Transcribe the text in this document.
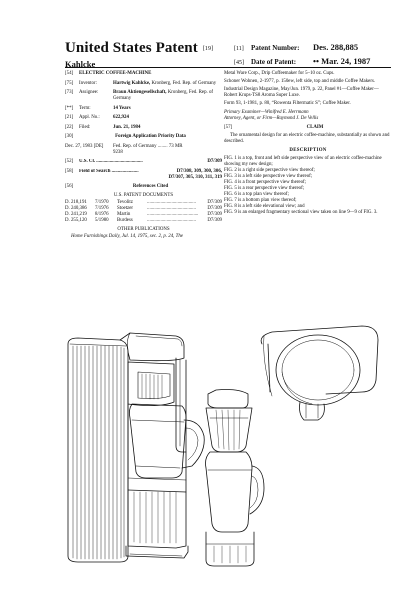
United States Patent [19]
Kahlcke
[11]	Patent Number:	Des. 288,885
[45]	Date of Patent:	•• Mar. 24, 1987
[54]	ELECTRIC COFFEE-MACHINE
[75]	Inventor:	Hartwig Kahlcke, Kronberg, Fed. Rep. of Germany
[73]	Assignee:	Braun Aktiengesellschaft, Kronberg, Fed. Rep. of Germany
[**]	Term:	14 Years
[21]	Appl. No.:	622,924
[22]	Filed:	Jun. 21, 1984
[30]	Foreign Application Priority Data
Dec. 27, 1983 [DE]	Fed. Rep. of Germany ........ 73 MR
9238
[52]	U.S. Cl. ......................................	D7/309
[58]	Field of Search ......................	D7/308, 309, 300, 306,
D7/307, 305, 310, 311, 319
[56]	References Cited
U.S. PATENT DOCUMENTS
D. 218,191	7/1970	Tevolitz	........................................	D7/309
D. 240,386	7/1976	Stoetzer	........................................	D7/309
D. 241,219	8/1976	Martin	..........................................	D7/309
D. 255,120	5/1980	Burdess	........................................	D7/309
OTHER PUBLICATIONS
Home Furnishings Daily, Jul. 14, 1975, sec. 2, p. 24, The
Metal Ware Corp., Drip Coffeemaker for 5–10 oz. Cups.
Schoner Wohnen, 2-1977, p. 150ew, left side, top and middle Coffee Makers.
Industrial Design Magazine, May/Jun. 1979, p. 22, Panel #1—Coffee Maker—Robert Krups-TS8 Aroma Super Luxe.
Form 93, 1-1981, p. 80, “Rowenta Filtermatic S”; Coffee Maker.
Primary Examiner—Winifred E. Herrmann
Attorney, Agent, or Firm—Raymond J. De Vellis
[57]	CLAIM
The ornamental design for an electric coffee-machine, substantially as shown and described.
DESCRIPTION
FIG. 1 is a top, front and left side perspective view of an electric coffee-machine showing my new design;
FIG. 2 is a right side perspective view thereof;
FIG. 3 is a left side perspective view thereof;
FIG. 4 is a front perspective view thereof;
FIG. 5 is a rear perspective view thereof;
FIG. 6 is a top plan view thereof;
FIG. 7 is a bottom plan view thereof;
FIG. 8 is a left side elevational view; and
FIG. 9 is an enlarged fragmentary sectional view taken on line 9—9 of FIG. 3.
